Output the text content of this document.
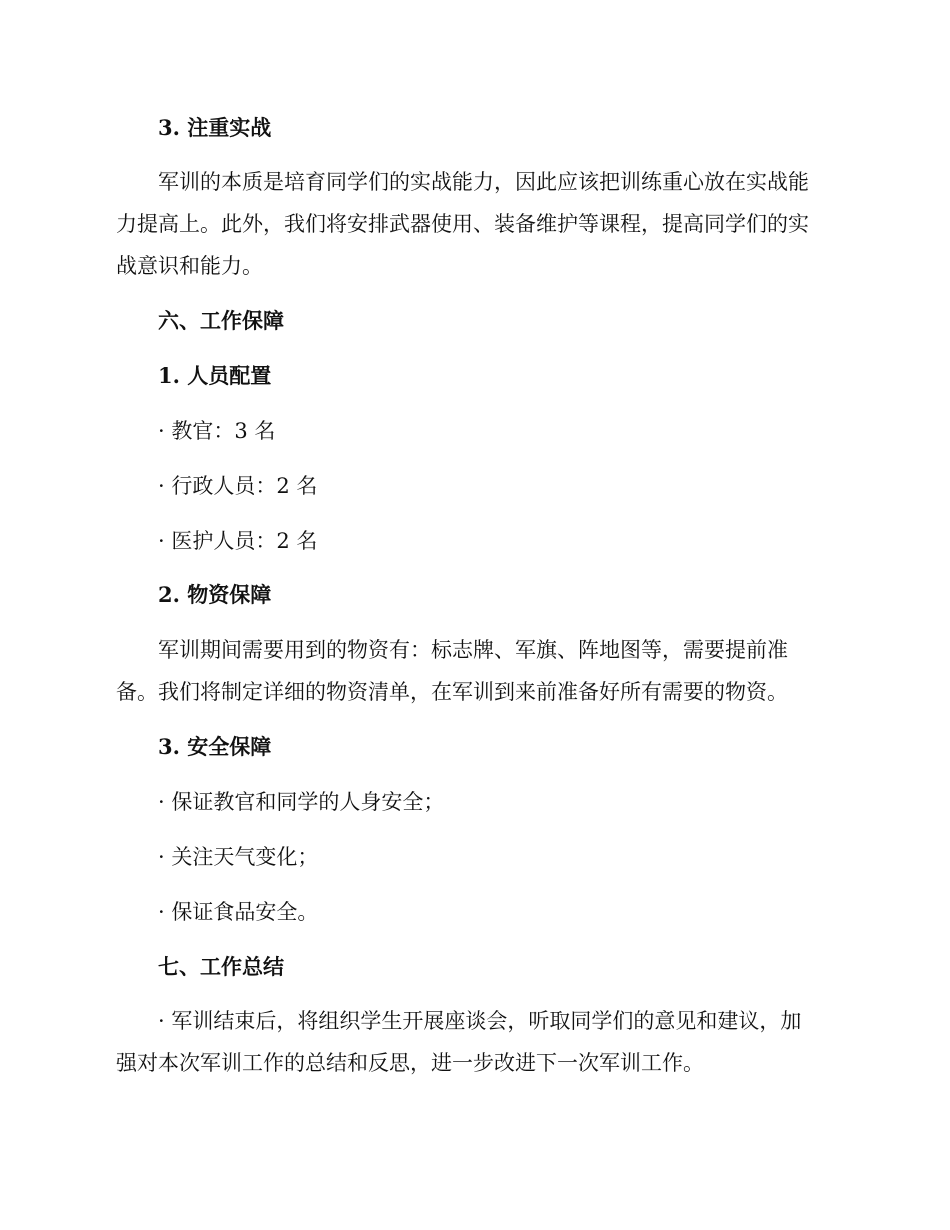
3. 注重实战
军训的本质是培育同学们的实战能力，因此应该把训练重心放在实战能
力提高上。此外，我们将安排武器使用、装备维护等课程，提高同学们的实
战意识和能力。
六、工作保障
1. 人员配置
· 教官：3 名
· 行政人员：2 名
· 医护人员：2 名
2. 物资保障
军训期间需要用到的物资有：标志牌、军旗、阵地图等，需要提前准
备。我们将制定详细的物资清单，在军训到来前准备好所有需要的物资。
3. 安全保障
· 保证教官和同学的人身安全；
· 关注天气变化；
· 保证食品安全。
七、工作总结
· 军训结束后，将组织学生开展座谈会，听取同学们的意见和建议，加
强对本次军训工作的总结和反思，进一步改进下一次军训工作。
